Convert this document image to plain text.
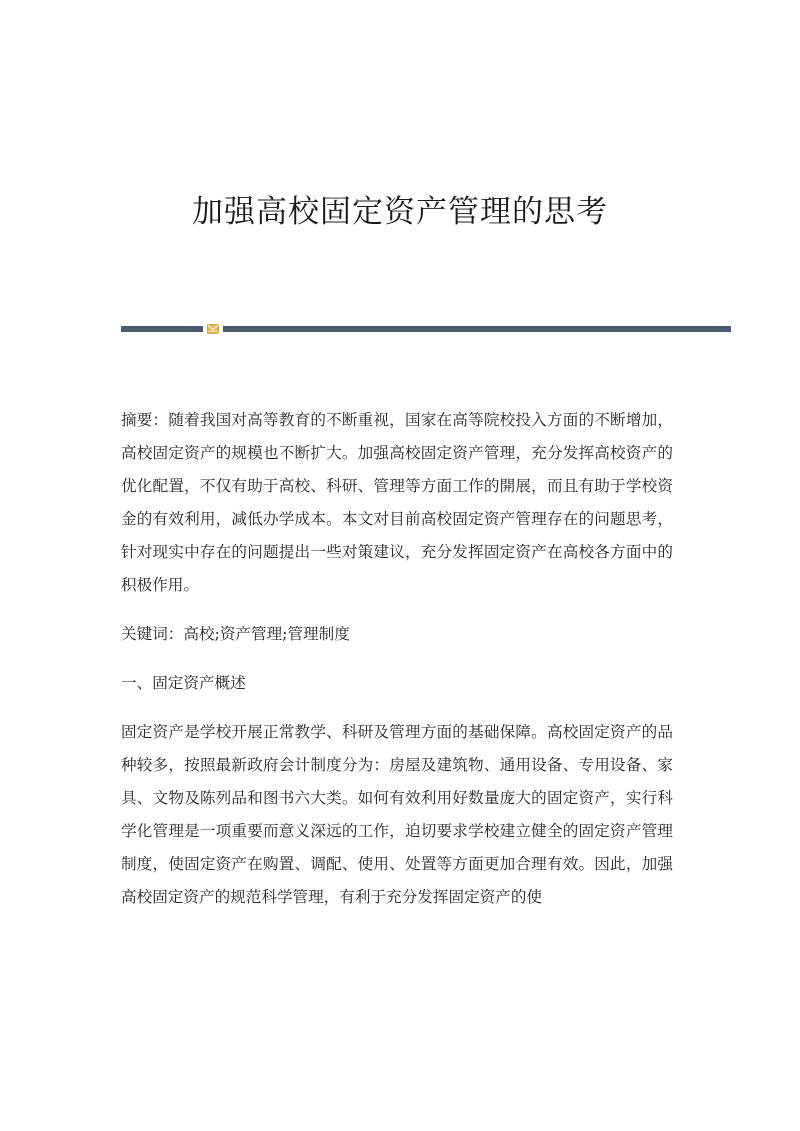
加强高校固定资产管理的思考

摘要：随着我国对高等教育的不断重视，国家在高等院校投入方面的不断增加，高校固定资产的规模也不断扩大。加强高校固定资产管理，充分发挥高校资产的优化配置，不仅有助于高校、科研、管理等方面工作的開展，而且有助于学校资金的有效利用，减低办学成本。本文对目前高校固定资产管理存在的问题思考，针对现实中存在的问题提出一些对策建议，充分发挥固定资产在高校各方面中的积极作用。

关键词：高校;资产管理;管理制度

一、固定资产概述

固定资产是学校开展正常教学、科研及管理方面的基础保障。高校固定资产的品种较多，按照最新政府会计制度分为：房屋及建筑物、通用设备、专用设备、家具、文物及陈列品和图书六大类。如何有效利用好数量庞大的固定资产，实行科学化管理是一项重要而意义深远的工作，迫切要求学校建立健全的固定资产管理制度，使固定资产在购置、调配、使用、处置等方面更加合理有效。因此，加强高校固定资产的规范科学管理，有利于充分发挥固定资产的使
